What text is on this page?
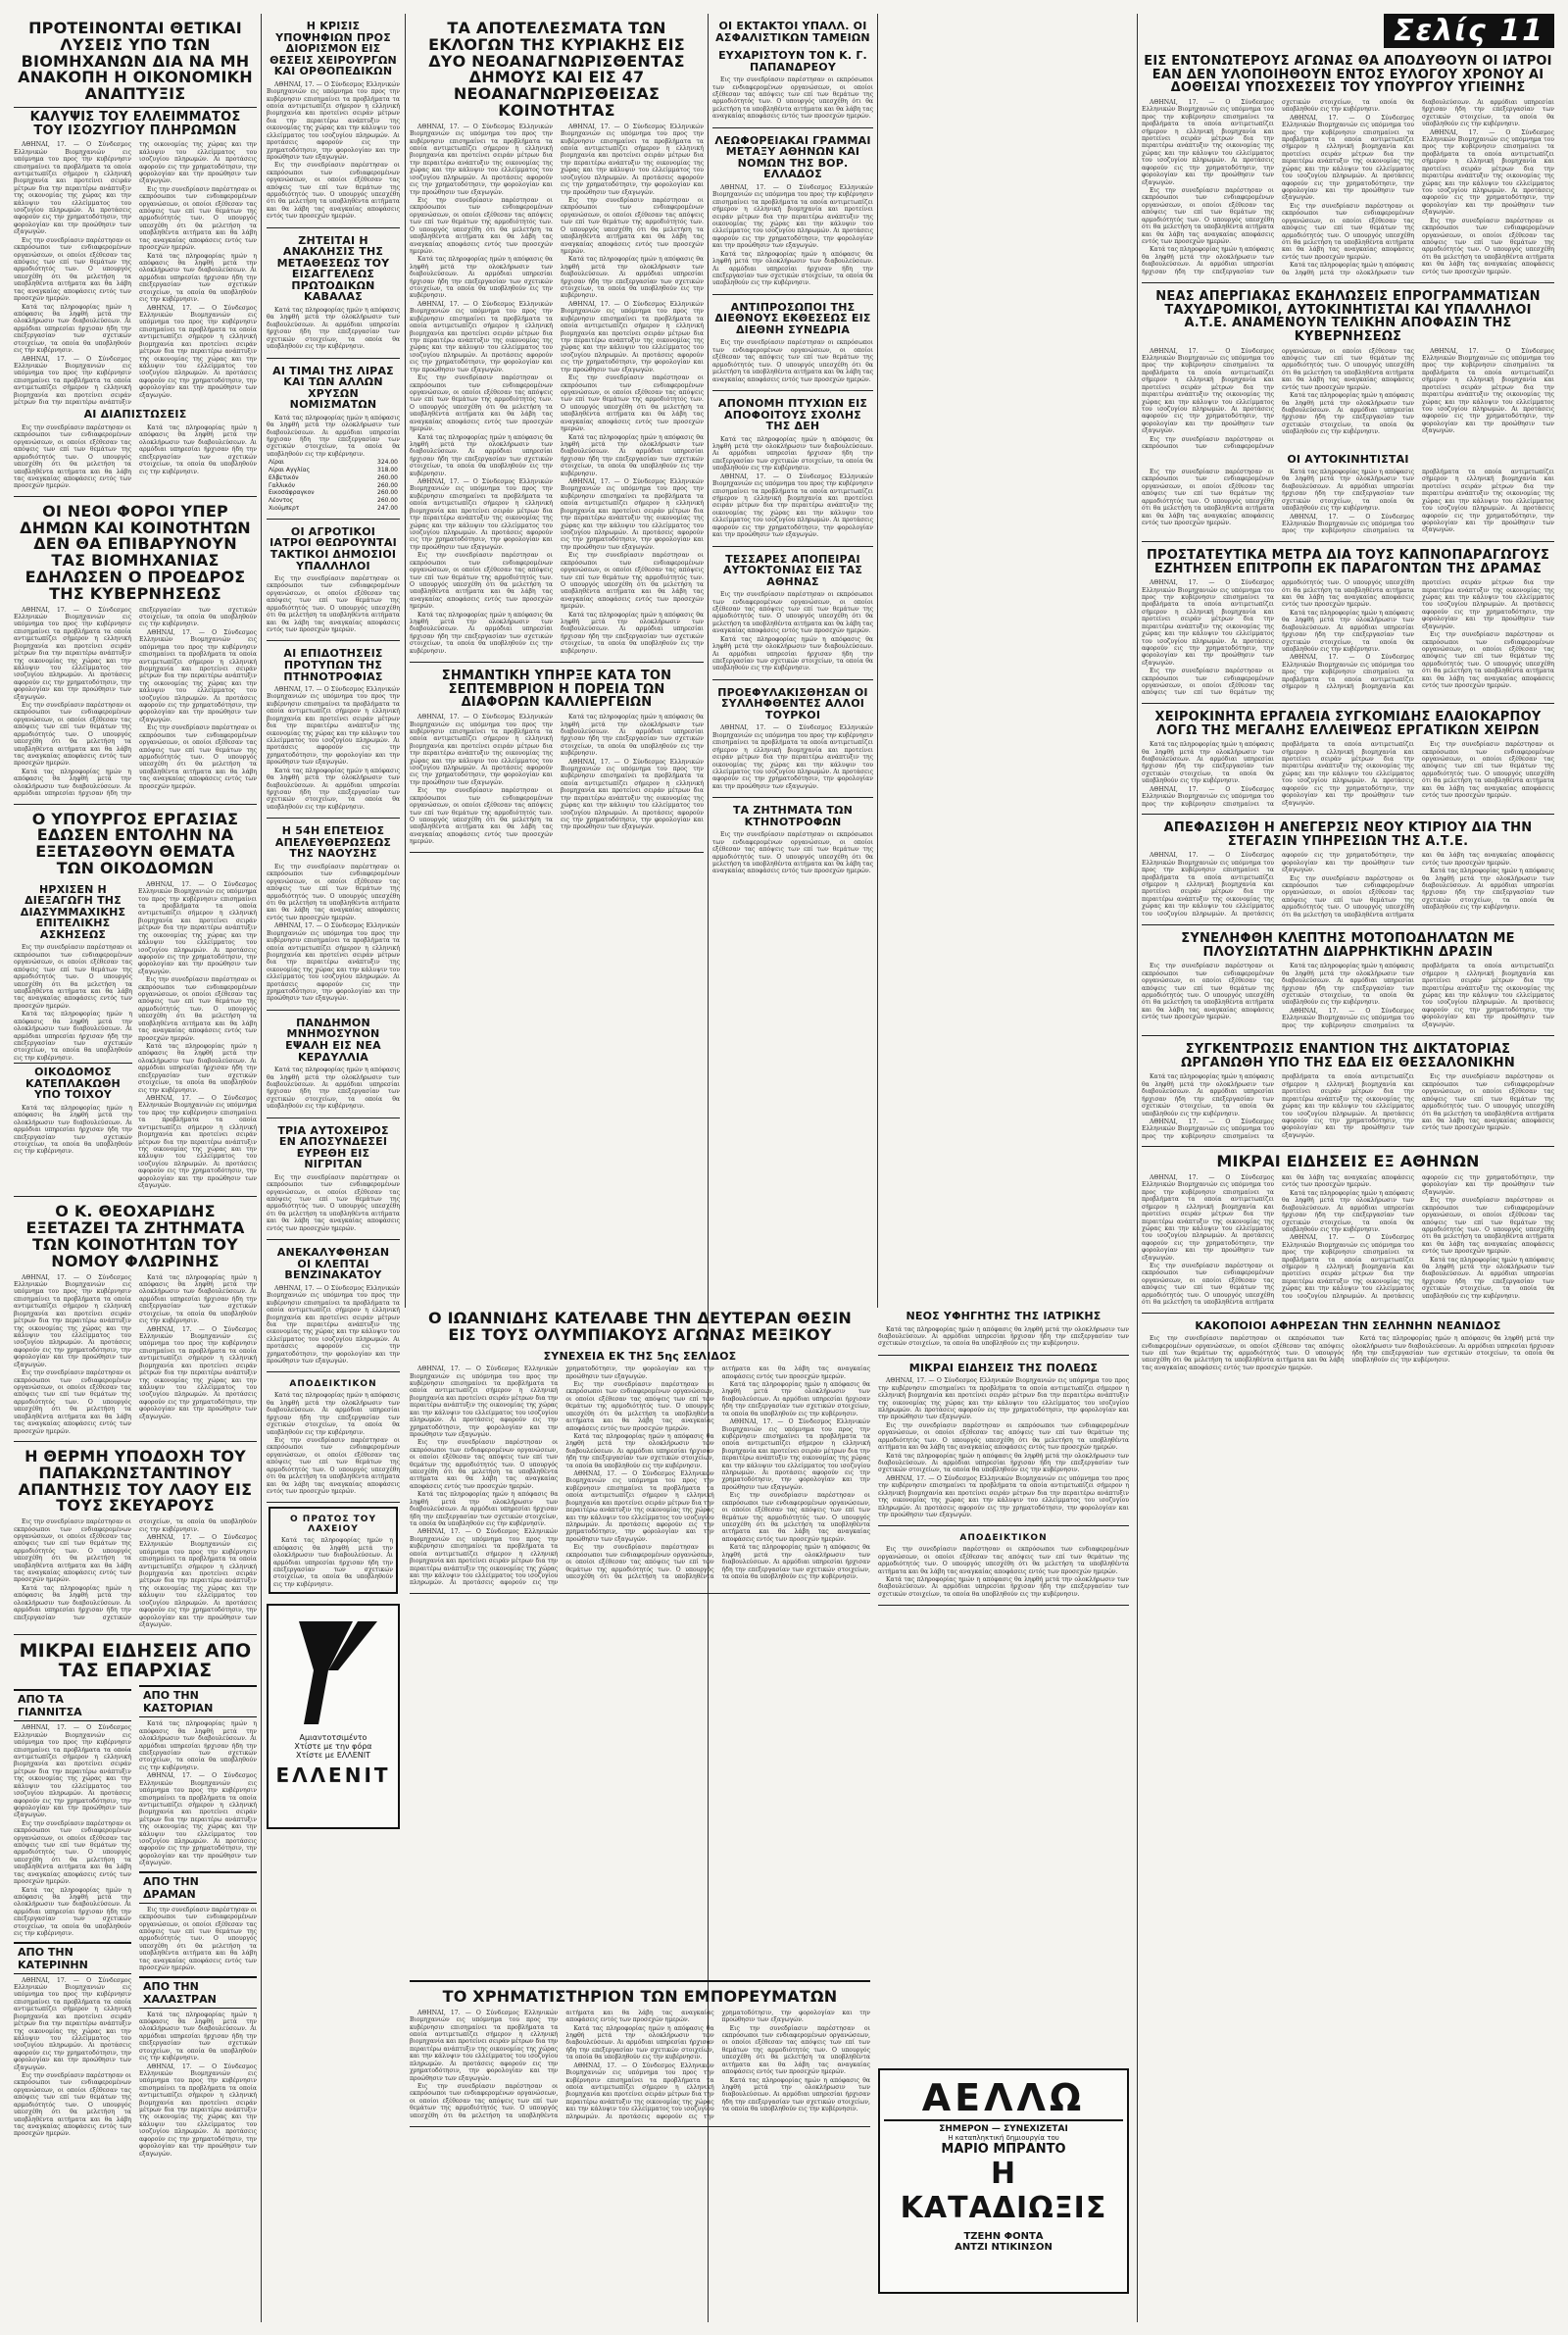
ΠΡΟΤΕΙΝΟΝΤΑΙ ΘΕΤΙΚΑΙ ΛΥΣΕΙΣ ΥΠΟ ΤΩΝ ΒΙΟΜΗΧΑΝΩΝ ΔΙΑ ΝΑ ΜΗ ΑΝΑΚΟΠΗ Η ΟΙΚΟΝΟΜΙΚΗ ΑΝΑΠΤΥΞΙΣ
ΚΑΛΥΨΙΣ ΤΟΥ ΕΛΛΕΙΜΜΑΤΟΣ ΤΟΥ ΙΣΟΖΥΓΙΟΥ ΠΛΗΡΩΜΩΝ

ΑΘΗΝΑΙ, 17. — Ο Σύνδεσμος Ελληνικών Βιομηχανιών εις υπόμνημα του προς την κυβέρνησιν επισημαίνει τα προβλήματα τα οποία αντιμετωπίζει σήμερον η ελληνική βιομηχανία και προτείνει σειράν μέτρων δια την περαιτέρω ανάπτυξιν της οικονομίας της χώρας και την κάλυψιν του ελλείμματος του ισοζυγίου πληρωμών. Αι προτάσεις αφορούν εις την χρηματοδότησιν, την φορολογίαν και την προώθησιν των εξαγωγών.

Εις την συνεδρίασιν παρέστησαν οι εκπρόσωποι των ενδιαφερομένων οργανώσεων, οι οποίοι εξέθεσαν τας απόψεις των επί των θεμάτων της αρμοδιότητός των. Ο υπουργός υπεσχέθη ότι θα μελετήση τα υποβληθέντα αιτήματα και θα λάβη τας αναγκαίας αποφάσεις εντός των προσεχών ημερών.

Κατά τας πληροφορίας ημών η απόφασις θα ληφθή μετά την ολοκλήρωσιν των διαβουλεύσεων. Αι αρμόδιαι υπηρεσίαι ήρχισαν ήδη την επεξεργασίαν των σχετικών στοιχείων, τα οποία θα υποβληθούν εις την κυβέρνησιν.

ΑΘΗΝΑΙ, 17. — Ο Σύνδεσμος Ελληνικών Βιομηχανιών εις υπόμνημα του προς την κυβέρνησιν επισημαίνει τα προβλήματα τα οποία αντιμετωπίζει σήμερον η ελληνική βιομηχανία και προτείνει σειράν μέτρων δια την περαιτέρω ανάπτυξιν της οικονομίας της χώρας και την κάλυψιν του ελλείμματος του ισοζυγίου πληρωμών. Αι προτάσεις αφορούν εις την χρηματοδότησιν, την φορολογίαν και την προώθησιν των εξαγωγών.

Εις την συνεδρίασιν παρέστησαν οι εκπρόσωποι των ενδιαφερομένων οργανώσεων, οι οποίοι εξέθεσαν τας απόψεις των επί των θεμάτων της αρμοδιότητός των. Ο υπουργός υπεσχέθη ότι θα μελετήση τα υποβληθέντα αιτήματα και θα λάβη τας αναγκαίας αποφάσεις εντός των προσεχών ημερών.

Κατά τας πληροφορίας ημών η απόφασις θα ληφθή μετά την ολοκλήρωσιν των διαβουλεύσεων. Αι αρμόδιαι υπηρεσίαι ήρχισαν ήδη την επεξεργασίαν των σχετικών στοιχείων, τα οποία θα υποβληθούν εις την κυβέρνησιν.

ΑΘΗΝΑΙ, 17. — Ο Σύνδεσμος Ελληνικών Βιομηχανιών εις υπόμνημα του προς την κυβέρνησιν επισημαίνει τα προβλήματα τα οποία αντιμετωπίζει σήμερον η ελληνική βιομηχανία και προτείνει σειράν μέτρων δια την περαιτέρω ανάπτυξιν της οικονομίας της χώρας και την κάλυψιν του ελλείμματος του ισοζυγίου πληρωμών. Αι προτάσεις αφορούν εις την χρηματοδότησιν, την φορολογίαν και την προώθησιν των εξαγωγών.

ΑΙ ΔΙΑΠΙΣΤΩΣΕΙΣ

Εις την συνεδρίασιν παρέστησαν οι εκπρόσωποι των ενδιαφερομένων οργανώσεων, οι οποίοι εξέθεσαν τας απόψεις των επί των θεμάτων της αρμοδιότητός των. Ο υπουργός υπεσχέθη ότι θα μελετήση τα υποβληθέντα αιτήματα και θα λάβη τας αναγκαίας αποφάσεις εντός των προσεχών ημερών.

Κατά τας πληροφορίας ημών η απόφασις θα ληφθή μετά την ολοκλήρωσιν των διαβουλεύσεων. Αι αρμόδιαι υπηρεσίαι ήρχισαν ήδη την επεξεργασίαν των σχετικών στοιχείων, τα οποία θα υποβληθούν εις την κυβέρνησιν.

ΟΙ ΝΕΟΙ ΦΟΡΟΙ ΥΠΕΡ ΔΗΜΩΝ ΚΑΙ ΚΟΙΝΟΤΗΤΩΝ ΔΕΝ ΘΑ ΕΠΙΒΑΡΥΝΟΥΝ ΤΑΣ ΒΙΟΜΗΧΑΝΙΑΣ ΕΔΗΛΩΣΕΝ Ο ΠΡΟΕΔΡΟΣ ΤΗΣ ΚΥΒΕΡΝΗΣΕΩΣ

ΑΘΗΝΑΙ, 17. — Ο Σύνδεσμος Ελληνικών Βιομηχανιών εις υπόμνημα του προς την κυβέρνησιν επισημαίνει τα προβλήματα τα οποία αντιμετωπίζει σήμερον η ελληνική βιομηχανία και προτείνει σειράν μέτρων δια την περαιτέρω ανάπτυξιν της οικονομίας της χώρας και την κάλυψιν του ελλείμματος του ισοζυγίου πληρωμών. Αι προτάσεις αφορούν εις την χρηματοδότησιν, την φορολογίαν και την προώθησιν των εξαγωγών.

Εις την συνεδρίασιν παρέστησαν οι εκπρόσωποι των ενδιαφερομένων οργανώσεων, οι οποίοι εξέθεσαν τας απόψεις των επί των θεμάτων της αρμοδιότητός των. Ο υπουργός υπεσχέθη ότι θα μελετήση τα υποβληθέντα αιτήματα και θα λάβη τας αναγκαίας αποφάσεις εντός των προσεχών ημερών.

Κατά τας πληροφορίας ημών η απόφασις θα ληφθή μετά την ολοκλήρωσιν των διαβουλεύσεων. Αι αρμόδιαι υπηρεσίαι ήρχισαν ήδη την επεξεργασίαν των σχετικών στοιχείων, τα οποία θα υποβληθούν εις την κυβέρνησιν.

ΑΘΗΝΑΙ, 17. — Ο Σύνδεσμος Ελληνικών Βιομηχανιών εις υπόμνημα του προς την κυβέρνησιν επισημαίνει τα προβλήματα τα οποία αντιμετωπίζει σήμερον η ελληνική βιομηχανία και προτείνει σειράν μέτρων δια την περαιτέρω ανάπτυξιν της οικονομίας της χώρας και την κάλυψιν του ελλείμματος του ισοζυγίου πληρωμών. Αι προτάσεις αφορούν εις την χρηματοδότησιν, την φορολογίαν και την προώθησιν των εξαγωγών.

Εις την συνεδρίασιν παρέστησαν οι εκπρόσωποι των ενδιαφερομένων οργανώσεων, οι οποίοι εξέθεσαν τας απόψεις των επί των θεμάτων της αρμοδιότητός των. Ο υπουργός υπεσχέθη ότι θα μελετήση τα υποβληθέντα αιτήματα και θα λάβη τας αναγκαίας αποφάσεις εντός των προσεχών ημερών.

Ο ΥΠΟΥΡΓΟΣ ΕΡΓΑΣΙΑΣ ΕΔΩΣΕΝ ΕΝΤΟΛΗΝ ΝΑ ΕΞΕΤΑΣΘΟΥΝ ΘΕΜΑΤΑ ΤΩΝ ΟΙΚΟΔΟΜΩΝ
ΗΡΧΙΣΕΝ Η ΔΙΕΞΑΓΩΓΗ ΤΗΣ ΔΙΑΣΥΜΜΑΧΙΚΗΣ ΕΠΙΤΕΛΙΚΗΣ ΑΣΚΗΣΕΩΣ

Εις την συνεδρίασιν παρέστησαν οι εκπρόσωποι των ενδιαφερομένων οργανώσεων, οι οποίοι εξέθεσαν τας απόψεις των επί των θεμάτων της αρμοδιότητός των. Ο υπουργός υπεσχέθη ότι θα μελετήση τα υποβληθέντα αιτήματα και θα λάβη τας αναγκαίας αποφάσεις εντός των προσεχών ημερών.

Κατά τας πληροφορίας ημών η απόφασις θα ληφθή μετά την ολοκλήρωσιν των διαβουλεύσεων. Αι αρμόδιαι υπηρεσίαι ήρχισαν ήδη την επεξεργασίαν των σχετικών στοιχείων, τα οποία θα υποβληθούν εις την κυβέρνησιν.

ΟΙΚΟΔΟΜΟΣ ΚΑΤΕΠΛΑΚΩΘΗ ΥΠΟ ΤΟΙΧΟΥ

Κατά τας πληροφορίας ημών η απόφασις θα ληφθή μετά την ολοκλήρωσιν των διαβουλεύσεων. Αι αρμόδιαι υπηρεσίαι ήρχισαν ήδη την επεξεργασίαν των σχετικών στοιχείων, τα οποία θα υποβληθούν εις την κυβέρνησιν.

ΑΘΗΝΑΙ, 17. — Ο Σύνδεσμος Ελληνικών Βιομηχανιών εις υπόμνημα του προς την κυβέρνησιν επισημαίνει τα προβλήματα τα οποία αντιμετωπίζει σήμερον η ελληνική βιομηχανία και προτείνει σειράν μέτρων δια την περαιτέρω ανάπτυξιν της οικονομίας της χώρας και την κάλυψιν του ελλείμματος του ισοζυγίου πληρωμών. Αι προτάσεις αφορούν εις την χρηματοδότησιν, την φορολογίαν και την προώθησιν των εξαγωγών.

Εις την συνεδρίασιν παρέστησαν οι εκπρόσωποι των ενδιαφερομένων οργανώσεων, οι οποίοι εξέθεσαν τας απόψεις των επί των θεμάτων της αρμοδιότητός των. Ο υπουργός υπεσχέθη ότι θα μελετήση τα υποβληθέντα αιτήματα και θα λάβη τας αναγκαίας αποφάσεις εντός των προσεχών ημερών.

Κατά τας πληροφορίας ημών η απόφασις θα ληφθή μετά την ολοκλήρωσιν των διαβουλεύσεων. Αι αρμόδιαι υπηρεσίαι ήρχισαν ήδη την επεξεργασίαν των σχετικών στοιχείων, τα οποία θα υποβληθούν εις την κυβέρνησιν.

ΑΘΗΝΑΙ, 17. — Ο Σύνδεσμος Ελληνικών Βιομηχανιών εις υπόμνημα του προς την κυβέρνησιν επισημαίνει τα προβλήματα τα οποία αντιμετωπίζει σήμερον η ελληνική βιομηχανία και προτείνει σειράν μέτρων δια την περαιτέρω ανάπτυξιν της οικονομίας της χώρας και την κάλυψιν του ελλείμματος του ισοζυγίου πληρωμών. Αι προτάσεις αφορούν εις την χρηματοδότησιν, την φορολογίαν και την προώθησιν των εξαγωγών.

Ο Κ. ΘΕΟΧΑΡΙΔΗΣ ΕΞΕΤΑΖΕΙ ΤΑ ΖΗΤΗΜΑΤΑ ΤΩΝ ΚΟΙΝΟΤΗΤΩΝ ΤΟΥ ΝΟΜΟΥ ΦΛΩΡΙΝΗΣ

ΑΘΗΝΑΙ, 17. — Ο Σύνδεσμος Ελληνικών Βιομηχανιών εις υπόμνημα του προς την κυβέρνησιν επισημαίνει τα προβλήματα τα οποία αντιμετωπίζει σήμερον η ελληνική βιομηχανία και προτείνει σειράν μέτρων δια την περαιτέρω ανάπτυξιν της οικονομίας της χώρας και την κάλυψιν του ελλείμματος του ισοζυγίου πληρωμών. Αι προτάσεις αφορούν εις την χρηματοδότησιν, την φορολογίαν και την προώθησιν των εξαγωγών.

Εις την συνεδρίασιν παρέστησαν οι εκπρόσωποι των ενδιαφερομένων οργανώσεων, οι οποίοι εξέθεσαν τας απόψεις των επί των θεμάτων της αρμοδιότητός των. Ο υπουργός υπεσχέθη ότι θα μελετήση τα υποβληθέντα αιτήματα και θα λάβη τας αναγκαίας αποφάσεις εντός των προσεχών ημερών.

Κατά τας πληροφορίας ημών η απόφασις θα ληφθή μετά την ολοκλήρωσιν των διαβουλεύσεων. Αι αρμόδιαι υπηρεσίαι ήρχισαν ήδη την επεξεργασίαν των σχετικών στοιχείων, τα οποία θα υποβληθούν εις την κυβέρνησιν.

ΑΘΗΝΑΙ, 17. — Ο Σύνδεσμος Ελληνικών Βιομηχανιών εις υπόμνημα του προς την κυβέρνησιν επισημαίνει τα προβλήματα τα οποία αντιμετωπίζει σήμερον η ελληνική βιομηχανία και προτείνει σειράν μέτρων δια την περαιτέρω ανάπτυξιν της οικονομίας της χώρας και την κάλυψιν του ελλείμματος του ισοζυγίου πληρωμών. Αι προτάσεις αφορούν εις την χρηματοδότησιν, την φορολογίαν και την προώθησιν των εξαγωγών.

Η ΘΕΡΜΗ ΥΠΟΔΟΧΗ ΤΟΥ ΠΑΠΑΚΩΝΣΤΑΝΤΙΝΟΥ ΑΠΑΝΤΗΣΙΣ ΤΟΥ ΛΑΟΥ ΕΙΣ ΤΟΥΣ ΣΚΕΥΑΡΟΥΣ

Εις την συνεδρίασιν παρέστησαν οι εκπρόσωποι των ενδιαφερομένων οργανώσεων, οι οποίοι εξέθεσαν τας απόψεις των επί των θεμάτων της αρμοδιότητός των. Ο υπουργός υπεσχέθη ότι θα μελετήση τα υποβληθέντα αιτήματα και θα λάβη τας αναγκαίας αποφάσεις εντός των προσεχών ημερών.

Κατά τας πληροφορίας ημών η απόφασις θα ληφθή μετά την ολοκλήρωσιν των διαβουλεύσεων. Αι αρμόδιαι υπηρεσίαι ήρχισαν ήδη την επεξεργασίαν των σχετικών στοιχείων, τα οποία θα υποβληθούν εις την κυβέρνησιν.

ΑΘΗΝΑΙ, 17. — Ο Σύνδεσμος Ελληνικών Βιομηχανιών εις υπόμνημα του προς την κυβέρνησιν επισημαίνει τα προβλήματα τα οποία αντιμετωπίζει σήμερον η ελληνική βιομηχανία και προτείνει σειράν μέτρων δια την περαιτέρω ανάπτυξιν της οικονομίας της χώρας και την κάλυψιν του ελλείμματος του ισοζυγίου πληρωμών. Αι προτάσεις αφορούν εις την χρηματοδότησιν, την φορολογίαν και την προώθησιν των εξαγωγών.

ΜΙΚΡΑΙ ΕΙΔΗΣΕΙΣ ΑΠΟ ΤΑΣ ΕΠΑΡΧΙΑΣ
ΑΠΟ ΤΑ ΓΙΑΝΝΙΤΣΑ

ΑΘΗΝΑΙ, 17. — Ο Σύνδεσμος Ελληνικών Βιομηχανιών εις υπόμνημα του προς την κυβέρνησιν επισημαίνει τα προβλήματα τα οποία αντιμετωπίζει σήμερον η ελληνική βιομηχανία και προτείνει σειράν μέτρων δια την περαιτέρω ανάπτυξιν της οικονομίας της χώρας και την κάλυψιν του ελλείμματος του ισοζυγίου πληρωμών. Αι προτάσεις αφορούν εις την χρηματοδότησιν, την φορολογίαν και την προώθησιν των εξαγωγών.

Εις την συνεδρίασιν παρέστησαν οι εκπρόσωποι των ενδιαφερομένων οργανώσεων, οι οποίοι εξέθεσαν τας απόψεις των επί των θεμάτων της αρμοδιότητός των. Ο υπουργός υπεσχέθη ότι θα μελετήση τα υποβληθέντα αιτήματα και θα λάβη τας αναγκαίας αποφάσεις εντός των προσεχών ημερών.

Κατά τας πληροφορίας ημών η απόφασις θα ληφθή μετά την ολοκλήρωσιν των διαβουλεύσεων. Αι αρμόδιαι υπηρεσίαι ήρχισαν ήδη την επεξεργασίαν των σχετικών στοιχείων, τα οποία θα υποβληθούν εις την κυβέρνησιν.

ΑΠΟ ΤΗΝ ΚΑΤΕΡΙΝΗΝ

ΑΘΗΝΑΙ, 17. — Ο Σύνδεσμος Ελληνικών Βιομηχανιών εις υπόμνημα του προς την κυβέρνησιν επισημαίνει τα προβλήματα τα οποία αντιμετωπίζει σήμερον η ελληνική βιομηχανία και προτείνει σειράν μέτρων δια την περαιτέρω ανάπτυξιν της οικονομίας της χώρας και την κάλυψιν του ελλείμματος του ισοζυγίου πληρωμών. Αι προτάσεις αφορούν εις την χρηματοδότησιν, την φορολογίαν και την προώθησιν των εξαγωγών.

Εις την συνεδρίασιν παρέστησαν οι εκπρόσωποι των ενδιαφερομένων οργανώσεων, οι οποίοι εξέθεσαν τας απόψεις των επί των θεμάτων της αρμοδιότητός των. Ο υπουργός υπεσχέθη ότι θα μελετήση τα υποβληθέντα αιτήματα και θα λάβη τας αναγκαίας αποφάσεις εντός των προσεχών ημερών.

ΑΠΟ ΤΗΝ ΚΑΣΤΟΡΙΑΝ

Κατά τας πληροφορίας ημών η απόφασις θα ληφθή μετά την ολοκλήρωσιν των διαβουλεύσεων. Αι αρμόδιαι υπηρεσίαι ήρχισαν ήδη την επεξεργασίαν των σχετικών στοιχείων, τα οποία θα υποβληθούν εις την κυβέρνησιν.

ΑΘΗΝΑΙ, 17. — Ο Σύνδεσμος Ελληνικών Βιομηχανιών εις υπόμνημα του προς την κυβέρνησιν επισημαίνει τα προβλήματα τα οποία αντιμετωπίζει σήμερον η ελληνική βιομηχανία και προτείνει σειράν μέτρων δια την περαιτέρω ανάπτυξιν της οικονομίας της χώρας και την κάλυψιν του ελλείμματος του ισοζυγίου πληρωμών. Αι προτάσεις αφορούν εις την χρηματοδότησιν, την φορολογίαν και την προώθησιν των εξαγωγών.

ΑΠΟ ΤΗΝ ΔΡΑΜΑΝ

Εις την συνεδρίασιν παρέστησαν οι εκπρόσωποι των ενδιαφερομένων οργανώσεων, οι οποίοι εξέθεσαν τας απόψεις των επί των θεμάτων της αρμοδιότητός των. Ο υπουργός υπεσχέθη ότι θα μελετήση τα υποβληθέντα αιτήματα και θα λάβη τας αναγκαίας αποφάσεις εντός των προσεχών ημερών.

ΑΠΟ ΤΗΝ ΧΑΛΑΣΤΡΑΝ

Κατά τας πληροφορίας ημών η απόφασις θα ληφθή μετά την ολοκλήρωσιν των διαβουλεύσεων. Αι αρμόδιαι υπηρεσίαι ήρχισαν ήδη την επεξεργασίαν των σχετικών στοιχείων, τα οποία θα υποβληθούν εις την κυβέρνησιν.

ΑΘΗΝΑΙ, 17. — Ο Σύνδεσμος Ελληνικών Βιομηχανιών εις υπόμνημα του προς την κυβέρνησιν επισημαίνει τα προβλήματα τα οποία αντιμετωπίζει σήμερον η ελληνική βιομηχανία και προτείνει σειράν μέτρων δια την περαιτέρω ανάπτυξιν της οικονομίας της χώρας και την κάλυψιν του ελλείμματος του ισοζυγίου πληρωμών. Αι προτάσεις αφορούν εις την χρηματοδότησιν, την φορολογίαν και την προώθησιν των εξαγωγών.

Η ΚΡΙΣΙΣ ΥΠΟΨΗΦΙΩΝ ΠΡΟΣ ΔΙΟΡΙΣΜΟΝ ΕΙΣ ΘΕΣΕΙΣ ΧΕΙΡΟΥΡΓΩΝ ΚΑΙ ΟΡΘΟΠΕΔΙΚΩΝ

ΑΘΗΝΑΙ, 17. — Ο Σύνδεσμος Ελληνικών Βιομηχανιών εις υπόμνημα του προς την κυβέρνησιν επισημαίνει τα προβλήματα τα οποία αντιμετωπίζει σήμερον η ελληνική βιομηχανία και προτείνει σειράν μέτρων δια την περαιτέρω ανάπτυξιν της οικονομίας της χώρας και την κάλυψιν του ελλείμματος του ισοζυγίου πληρωμών. Αι προτάσεις αφορούν εις την χρηματοδότησιν, την φορολογίαν και την προώθησιν των εξαγωγών.

Εις την συνεδρίασιν παρέστησαν οι εκπρόσωποι των ενδιαφερομένων οργανώσεων, οι οποίοι εξέθεσαν τας απόψεις των επί των θεμάτων της αρμοδιότητός των. Ο υπουργός υπεσχέθη ότι θα μελετήση τα υποβληθέντα αιτήματα και θα λάβη τας αναγκαίας αποφάσεις εντός των προσεχών ημερών.

ΖΗΤΕΙΤΑΙ Η ΑΝΑΚΛΗΣΙΣ ΤΗΣ ΜΕΤΑΘΕΣΕΩΣ ΤΟΥ ΕΙΣΑΓΓΕΛΕΩΣ ΠΡΩΤΟΔΙΚΩΝ ΚΑΒΑΛΑΣ

Κατά τας πληροφορίας ημών η απόφασις θα ληφθή μετά την ολοκλήρωσιν των διαβουλεύσεων. Αι αρμόδιαι υπηρεσίαι ήρχισαν ήδη την επεξεργασίαν των σχετικών στοιχείων, τα οποία θα υποβληθούν εις την κυβέρνησιν.

ΑΙ ΤΙΜΑΙ ΤΗΣ ΛΙΡΑΣ ΚΑΙ ΤΩΝ ΑΛΛΩΝ ΧΡΥΣΩΝ ΝΟΜΙΣΜΑΤΩΝ

Κατά τας πληροφορίας ημών η απόφασις θα ληφθή μετά την ολοκλήρωσιν των διαβουλεύσεων. Αι αρμόδιαι υπηρεσίαι ήρχισαν ήδη την επεξεργασίαν των σχετικών στοιχείων, τα οποία θα υποβληθούν εις την κυβέρνησιν.

Λίραι	324.00
Λίραι Αγγλίας	318.00
Ελβετικόν	260.00
Γαλλικόν	260.00
Εικοσάφραγκον	260.00
Λέοντος	260.00
Χιούμπερτ	247.00
ΟΙ ΑΓΡΟΤΙΚΟΙ ΙΑΤΡΟΙ ΘΕΩΡΟΥΝΤΑΙ ΤΑΚΤΙΚΟΙ ΔΗΜΟΣΙΟΙ ΥΠΑΛΛΗΛΟΙ

Εις την συνεδρίασιν παρέστησαν οι εκπρόσωποι των ενδιαφερομένων οργανώσεων, οι οποίοι εξέθεσαν τας απόψεις των επί των θεμάτων της αρμοδιότητός των. Ο υπουργός υπεσχέθη ότι θα μελετήση τα υποβληθέντα αιτήματα και θα λάβη τας αναγκαίας αποφάσεις εντός των προσεχών ημερών.

ΑΙ ΕΠΙΔΟΤΗΣΕΙΣ ΠΡΟΤΥΠΩΝ ΤΗΣ ΠΤΗΝΟΤΡΟΦΙΑΣ

ΑΘΗΝΑΙ, 17. — Ο Σύνδεσμος Ελληνικών Βιομηχανιών εις υπόμνημα του προς την κυβέρνησιν επισημαίνει τα προβλήματα τα οποία αντιμετωπίζει σήμερον η ελληνική βιομηχανία και προτείνει σειράν μέτρων δια την περαιτέρω ανάπτυξιν της οικονομίας της χώρας και την κάλυψιν του ελλείμματος του ισοζυγίου πληρωμών. Αι προτάσεις αφορούν εις την χρηματοδότησιν, την φορολογίαν και την προώθησιν των εξαγωγών.

Κατά τας πληροφορίας ημών η απόφασις θα ληφθή μετά την ολοκλήρωσιν των διαβουλεύσεων. Αι αρμόδιαι υπηρεσίαι ήρχισαν ήδη την επεξεργασίαν των σχετικών στοιχείων, τα οποία θα υποβληθούν εις την κυβέρνησιν.

Η 54Η ΕΠΕΤΕΙΟΣ ΑΠΕΛΕΥΘΕΡΩΣΕΩΣ ΤΗΣ ΝΑΟΥΣΗΣ

Εις την συνεδρίασιν παρέστησαν οι εκπρόσωποι των ενδιαφερομένων οργανώσεων, οι οποίοι εξέθεσαν τας απόψεις των επί των θεμάτων της αρμοδιότητός των. Ο υπουργός υπεσχέθη ότι θα μελετήση τα υποβληθέντα αιτήματα και θα λάβη τας αναγκαίας αποφάσεις εντός των προσεχών ημερών.

ΑΘΗΝΑΙ, 17. — Ο Σύνδεσμος Ελληνικών Βιομηχανιών εις υπόμνημα του προς την κυβέρνησιν επισημαίνει τα προβλήματα τα οποία αντιμετωπίζει σήμερον η ελληνική βιομηχανία και προτείνει σειράν μέτρων δια την περαιτέρω ανάπτυξιν της οικονομίας της χώρας και την κάλυψιν του ελλείμματος του ισοζυγίου πληρωμών. Αι προτάσεις αφορούν εις την χρηματοδότησιν, την φορολογίαν και την προώθησιν των εξαγωγών.

ΠΑΝΔΗΜΟΝ ΜΝΗΜΟΣΥΝΟΝ ΕΨΑΛΗ ΕΙΣ ΝΕΑ ΚΕΡΔΥΛΛΙΑ

Κατά τας πληροφορίας ημών η απόφασις θα ληφθή μετά την ολοκλήρωσιν των διαβουλεύσεων. Αι αρμόδιαι υπηρεσίαι ήρχισαν ήδη την επεξεργασίαν των σχετικών στοιχείων, τα οποία θα υποβληθούν εις την κυβέρνησιν.

ΤΡΙΑ ΑΥΤΟΧΕΙΡΟΣ ΕΝ ΑΠΟΣΥΝΔΕΣΕΙ ΕΥΡΕΘΗ ΕΙΣ ΝΙΓΡΙΤΑΝ

Εις την συνεδρίασιν παρέστησαν οι εκπρόσωποι των ενδιαφερομένων οργανώσεων, οι οποίοι εξέθεσαν τας απόψεις των επί των θεμάτων της αρμοδιότητός των. Ο υπουργός υπεσχέθη ότι θα μελετήση τα υποβληθέντα αιτήματα και θα λάβη τας αναγκαίας αποφάσεις εντός των προσεχών ημερών.

ΑΝΕΚΑΛΥΦΘΗΣΑΝ ΟΙ ΚΛΕΠΤΑΙ ΒΕΝΖΙΝΑΚΑΤΟΥ

ΑΘΗΝΑΙ, 17. — Ο Σύνδεσμος Ελληνικών Βιομηχανιών εις υπόμνημα του προς την κυβέρνησιν επισημαίνει τα προβλήματα τα οποία αντιμετωπίζει σήμερον η ελληνική βιομηχανία και προτείνει σειράν μέτρων δια την περαιτέρω ανάπτυξιν της οικονομίας της χώρας και την κάλυψιν του ελλείμματος του ισοζυγίου πληρωμών. Αι προτάσεις αφορούν εις την χρηματοδότησιν, την φορολογίαν και την προώθησιν των εξαγωγών.

ΑΠΟΔΕΙΚΤΙΚΟΝ

Κατά τας πληροφορίας ημών η απόφασις θα ληφθή μετά την ολοκλήρωσιν των διαβουλεύσεων. Αι αρμόδιαι υπηρεσίαι ήρχισαν ήδη την επεξεργασίαν των σχετικών στοιχείων, τα οποία θα υποβληθούν εις την κυβέρνησιν.

Εις την συνεδρίασιν παρέστησαν οι εκπρόσωποι των ενδιαφερομένων οργανώσεων, οι οποίοι εξέθεσαν τας απόψεις των επί των θεμάτων της αρμοδιότητός των. Ο υπουργός υπεσχέθη ότι θα μελετήση τα υποβληθέντα αιτήματα και θα λάβη τας αναγκαίας αποφάσεις εντός των προσεχών ημερών.

Ο ΠΡΩΤΟΣ ΤΟΥ ΛΑΧΕΙΟΥ

Κατά τας πληροφορίας ημών η απόφασις θα ληφθή μετά την ολοκλήρωσιν των διαβουλεύσεων. Αι αρμόδιαι υπηρεσίαι ήρχισαν ήδη την επεξεργασίαν των σχετικών στοιχείων, τα οποία θα υποβληθούν εις την κυβέρνησιν.

Αμιαντοτσιμέντο
Χτίστε με την φόρα
Χτίστε με ΕΛΛΕΝΙΤ
ΕΛΛΕΝΙΤ
ΤΑ ΑΠΟΤΕΛΕΣΜΑΤΑ ΤΩΝ ΕΚΛΟΓΩΝ ΤΗΣ ΚΥΡΙΑΚΗΣ ΕΙΣ ΔΥΟ ΝΕΟΑΝΑΓΝΩΡΙΣΘΕΝΤΑΣ ΔΗΜΟΥΣ ΚΑΙ ΕΙΣ 47 ΝΕΟΑΝΑΓΝΩΡΙΣΘΕΙΣΑΣ ΚΟΙΝΟΤΗΤΑΣ

ΑΘΗΝΑΙ, 17. — Ο Σύνδεσμος Ελληνικών Βιομηχανιών εις υπόμνημα του προς την κυβέρνησιν επισημαίνει τα προβλήματα τα οποία αντιμετωπίζει σήμερον η ελληνική βιομηχανία και προτείνει σειράν μέτρων δια την περαιτέρω ανάπτυξιν της οικονομίας της χώρας και την κάλυψιν του ελλείμματος του ισοζυγίου πληρωμών. Αι προτάσεις αφορούν εις την χρηματοδότησιν, την φορολογίαν και την προώθησιν των εξαγωγών.

Εις την συνεδρίασιν παρέστησαν οι εκπρόσωποι των ενδιαφερομένων οργανώσεων, οι οποίοι εξέθεσαν τας απόψεις των επί των θεμάτων της αρμοδιότητός των. Ο υπουργός υπεσχέθη ότι θα μελετήση τα υποβληθέντα αιτήματα και θα λάβη τας αναγκαίας αποφάσεις εντός των προσεχών ημερών.

Κατά τας πληροφορίας ημών η απόφασις θα ληφθή μετά την ολοκλήρωσιν των διαβουλεύσεων. Αι αρμόδιαι υπηρεσίαι ήρχισαν ήδη την επεξεργασίαν των σχετικών στοιχείων, τα οποία θα υποβληθούν εις την κυβέρνησιν.

ΑΘΗΝΑΙ, 17. — Ο Σύνδεσμος Ελληνικών Βιομηχανιών εις υπόμνημα του προς την κυβέρνησιν επισημαίνει τα προβλήματα τα οποία αντιμετωπίζει σήμερον η ελληνική βιομηχανία και προτείνει σειράν μέτρων δια την περαιτέρω ανάπτυξιν της οικονομίας της χώρας και την κάλυψιν του ελλείμματος του ισοζυγίου πληρωμών. Αι προτάσεις αφορούν εις την χρηματοδότησιν, την φορολογίαν και την προώθησιν των εξαγωγών.

Εις την συνεδρίασιν παρέστησαν οι εκπρόσωποι των ενδιαφερομένων οργανώσεων, οι οποίοι εξέθεσαν τας απόψεις των επί των θεμάτων της αρμοδιότητός των. Ο υπουργός υπεσχέθη ότι θα μελετήση τα υποβληθέντα αιτήματα και θα λάβη τας αναγκαίας αποφάσεις εντός των προσεχών ημερών.

Κατά τας πληροφορίας ημών η απόφασις θα ληφθή μετά την ολοκλήρωσιν των διαβουλεύσεων. Αι αρμόδιαι υπηρεσίαι ήρχισαν ήδη την επεξεργασίαν των σχετικών στοιχείων, τα οποία θα υποβληθούν εις την κυβέρνησιν.

ΑΘΗΝΑΙ, 17. — Ο Σύνδεσμος Ελληνικών Βιομηχανιών εις υπόμνημα του προς την κυβέρνησιν επισημαίνει τα προβλήματα τα οποία αντιμετωπίζει σήμερον η ελληνική βιομηχανία και προτείνει σειράν μέτρων δια την περαιτέρω ανάπτυξιν της οικονομίας της χώρας και την κάλυψιν του ελλείμματος του ισοζυγίου πληρωμών. Αι προτάσεις αφορούν εις την χρηματοδότησιν, την φορολογίαν και την προώθησιν των εξαγωγών.

Εις την συνεδρίασιν παρέστησαν οι εκπρόσωποι των ενδιαφερομένων οργανώσεων, οι οποίοι εξέθεσαν τας απόψεις των επί των θεμάτων της αρμοδιότητός των. Ο υπουργός υπεσχέθη ότι θα μελετήση τα υποβληθέντα αιτήματα και θα λάβη τας αναγκαίας αποφάσεις εντός των προσεχών ημερών.

Κατά τας πληροφορίας ημών η απόφασις θα ληφθή μετά την ολοκλήρωσιν των διαβουλεύσεων. Αι αρμόδιαι υπηρεσίαι ήρχισαν ήδη την επεξεργασίαν των σχετικών στοιχείων, τα οποία θα υποβληθούν εις την κυβέρνησιν.

ΑΘΗΝΑΙ, 17. — Ο Σύνδεσμος Ελληνικών Βιομηχανιών εις υπόμνημα του προς την κυβέρνησιν επισημαίνει τα προβλήματα τα οποία αντιμετωπίζει σήμερον η ελληνική βιομηχανία και προτείνει σειράν μέτρων δια την περαιτέρω ανάπτυξιν της οικονομίας της χώρας και την κάλυψιν του ελλείμματος του ισοζυγίου πληρωμών. Αι προτάσεις αφορούν εις την χρηματοδότησιν, την φορολογίαν και την προώθησιν των εξαγωγών.

Εις την συνεδρίασιν παρέστησαν οι εκπρόσωποι των ενδιαφερομένων οργανώσεων, οι οποίοι εξέθεσαν τας απόψεις των επί των θεμάτων της αρμοδιότητός των. Ο υπουργός υπεσχέθη ότι θα μελετήση τα υποβληθέντα αιτήματα και θα λάβη τας αναγκαίας αποφάσεις εντός των προσεχών ημερών.

Κατά τας πληροφορίας ημών η απόφασις θα ληφθή μετά την ολοκλήρωσιν των διαβουλεύσεων. Αι αρμόδιαι υπηρεσίαι ήρχισαν ήδη την επεξεργασίαν των σχετικών στοιχείων, τα οποία θα υποβληθούν εις την κυβέρνησιν.

ΑΘΗΝΑΙ, 17. — Ο Σύνδεσμος Ελληνικών Βιομηχανιών εις υπόμνημα του προς την κυβέρνησιν επισημαίνει τα προβλήματα τα οποία αντιμετωπίζει σήμερον η ελληνική βιομηχανία και προτείνει σειράν μέτρων δια την περαιτέρω ανάπτυξιν της οικονομίας της χώρας και την κάλυψιν του ελλείμματος του ισοζυγίου πληρωμών. Αι προτάσεις αφορούν εις την χρηματοδότησιν, την φορολογίαν και την προώθησιν των εξαγωγών.

Εις την συνεδρίασιν παρέστησαν οι εκπρόσωποι των ενδιαφερομένων οργανώσεων, οι οποίοι εξέθεσαν τας απόψεις των επί των θεμάτων της αρμοδιότητός των. Ο υπουργός υπεσχέθη ότι θα μελετήση τα υποβληθέντα αιτήματα και θα λάβη τας αναγκαίας αποφάσεις εντός των προσεχών ημερών.

Κατά τας πληροφορίας ημών η απόφασις θα ληφθή μετά την ολοκλήρωσιν των διαβουλεύσεων. Αι αρμόδιαι υπηρεσίαι ήρχισαν ήδη την επεξεργασίαν των σχετικών στοιχείων, τα οποία θα υποβληθούν εις την κυβέρνησιν.

ΑΘΗΝΑΙ, 17. — Ο Σύνδεσμος Ελληνικών Βιομηχανιών εις υπόμνημα του προς την κυβέρνησιν επισημαίνει τα προβλήματα τα οποία αντιμετωπίζει σήμερον η ελληνική βιομηχανία και προτείνει σειράν μέτρων δια την περαιτέρω ανάπτυξιν της οικονομίας της χώρας και την κάλυψιν του ελλείμματος του ισοζυγίου πληρωμών. Αι προτάσεις αφορούν εις την χρηματοδότησιν, την φορολογίαν και την προώθησιν των εξαγωγών.

Εις την συνεδρίασιν παρέστησαν οι εκπρόσωποι των ενδιαφερομένων οργανώσεων, οι οποίοι εξέθεσαν τας απόψεις των επί των θεμάτων της αρμοδιότητός των. Ο υπουργός υπεσχέθη ότι θα μελετήση τα υποβληθέντα αιτήματα και θα λάβη τας αναγκαίας αποφάσεις εντός των προσεχών ημερών.

Κατά τας πληροφορίας ημών η απόφασις θα ληφθή μετά την ολοκλήρωσιν των διαβουλεύσεων. Αι αρμόδιαι υπηρεσίαι ήρχισαν ήδη την επεξεργασίαν των σχετικών στοιχείων, τα οποία θα υποβληθούν εις την κυβέρνησιν.

ΣΗΜΑΝΤΙΚΗ ΥΠΗΡΞΕ ΚΑΤΑ ΤΟΝ ΣΕΠΤΕΜΒΡΙΟΝ Η ΠΟΡΕΙΑ ΤΩΝ ΔΙΑΦΟΡΩΝ ΚΑΛΛΙΕΡΓΕΙΩΝ

ΑΘΗΝΑΙ, 17. — Ο Σύνδεσμος Ελληνικών Βιομηχανιών εις υπόμνημα του προς την κυβέρνησιν επισημαίνει τα προβλήματα τα οποία αντιμετωπίζει σήμερον η ελληνική βιομηχανία και προτείνει σειράν μέτρων δια την περαιτέρω ανάπτυξιν της οικονομίας της χώρας και την κάλυψιν του ελλείμματος του ισοζυγίου πληρωμών. Αι προτάσεις αφορούν εις την χρηματοδότησιν, την φορολογίαν και την προώθησιν των εξαγωγών.

Εις την συνεδρίασιν παρέστησαν οι εκπρόσωποι των ενδιαφερομένων οργανώσεων, οι οποίοι εξέθεσαν τας απόψεις των επί των θεμάτων της αρμοδιότητός των. Ο υπουργός υπεσχέθη ότι θα μελετήση τα υποβληθέντα αιτήματα και θα λάβη τας αναγκαίας αποφάσεις εντός των προσεχών ημερών.

Κατά τας πληροφορίας ημών η απόφασις θα ληφθή μετά την ολοκλήρωσιν των διαβουλεύσεων. Αι αρμόδιαι υπηρεσίαι ήρχισαν ήδη την επεξεργασίαν των σχετικών στοιχείων, τα οποία θα υποβληθούν εις την κυβέρνησιν.

ΑΘΗΝΑΙ, 17. — Ο Σύνδεσμος Ελληνικών Βιομηχανιών εις υπόμνημα του προς την κυβέρνησιν επισημαίνει τα προβλήματα τα οποία αντιμετωπίζει σήμερον η ελληνική βιομηχανία και προτείνει σειράν μέτρων δια την περαιτέρω ανάπτυξιν της οικονομίας της χώρας και την κάλυψιν του ελλείμματος του ισοζυγίου πληρωμών. Αι προτάσεις αφορούν εις την χρηματοδότησιν, την φορολογίαν και την προώθησιν των εξαγωγών.

ΟΙ ΕΚΤΑΚΤΟΙ ΥΠΑΛΛ. ΟΙ ΑΣΦΑΛΙΣΤΙΚΩΝ ΤΑΜΕΙΩΝ
ΕΥΧΑΡΙΣΤΟΥΝ ΤΟΝ Κ. Γ. ΠΑΠΑΝΔΡΕΟΥ

Εις την συνεδρίασιν παρέστησαν οι εκπρόσωποι των ενδιαφερομένων οργανώσεων, οι οποίοι εξέθεσαν τας απόψεις των επί των θεμάτων της αρμοδιότητός των. Ο υπουργός υπεσχέθη ότι θα μελετήση τα υποβληθέντα αιτήματα και θα λάβη τας αναγκαίας αποφάσεις εντός των προσεχών ημερών.

ΛΕΩΦΟΡΕΙΑΚΑΙ ΓΡΑΜΜΑΙ ΜΕΤΑΞΥ ΑΘΗΝΩΝ ΚΑΙ ΝΟΜΩΝ ΤΗΣ ΒΟΡ. ΕΛΛΑΔΟΣ

ΑΘΗΝΑΙ, 17. — Ο Σύνδεσμος Ελληνικών Βιομηχανιών εις υπόμνημα του προς την κυβέρνησιν επισημαίνει τα προβλήματα τα οποία αντιμετωπίζει σήμερον η ελληνική βιομηχανία και προτείνει σειράν μέτρων δια την περαιτέρω ανάπτυξιν της οικονομίας της χώρας και την κάλυψιν του ελλείμματος του ισοζυγίου πληρωμών. Αι προτάσεις αφορούν εις την χρηματοδότησιν, την φορολογίαν και την προώθησιν των εξαγωγών.

Κατά τας πληροφορίας ημών η απόφασις θα ληφθή μετά την ολοκλήρωσιν των διαβουλεύσεων. Αι αρμόδιαι υπηρεσίαι ήρχισαν ήδη την επεξεργασίαν των σχετικών στοιχείων, τα οποία θα υποβληθούν εις την κυβέρνησιν.

ΑΝΤΙΠΡΟΣΩΠΟΙ ΤΗΣ ΔΙΕΘΝΟΥΣ ΕΚΘΕΣΕΩΣ ΕΙΣ ΔΙΕΘΝΗ ΣΥΝΕΔΡΙΑ

Εις την συνεδρίασιν παρέστησαν οι εκπρόσωποι των ενδιαφερομένων οργανώσεων, οι οποίοι εξέθεσαν τας απόψεις των επί των θεμάτων της αρμοδιότητός των. Ο υπουργός υπεσχέθη ότι θα μελετήση τα υποβληθέντα αιτήματα και θα λάβη τας αναγκαίας αποφάσεις εντός των προσεχών ημερών.

ΑΠΟΝΟΜΗ ΠΤΥΧΙΩΝ ΕΙΣ ΑΠΟΦΟΙΤΟΥΣ ΣΧΟΛΗΣ ΤΗΣ ΔΕΗ

Κατά τας πληροφορίας ημών η απόφασις θα ληφθή μετά την ολοκλήρωσιν των διαβουλεύσεων. Αι αρμόδιαι υπηρεσίαι ήρχισαν ήδη την επεξεργασίαν των σχετικών στοιχείων, τα οποία θα υποβληθούν εις την κυβέρνησιν.

ΑΘΗΝΑΙ, 17. — Ο Σύνδεσμος Ελληνικών Βιομηχανιών εις υπόμνημα του προς την κυβέρνησιν επισημαίνει τα προβλήματα τα οποία αντιμετωπίζει σήμερον η ελληνική βιομηχανία και προτείνει σειράν μέτρων δια την περαιτέρω ανάπτυξιν της οικονομίας της χώρας και την κάλυψιν του ελλείμματος του ισοζυγίου πληρωμών. Αι προτάσεις αφορούν εις την χρηματοδότησιν, την φορολογίαν και την προώθησιν των εξαγωγών.

ΤΕΣΣΑΡΕΣ ΑΠΟΠΕΙΡΑΙ ΑΥΤΟΚΤΟΝΙΑΣ ΕΙΣ ΤΑΣ ΑΘΗΝΑΣ

Εις την συνεδρίασιν παρέστησαν οι εκπρόσωποι των ενδιαφερομένων οργανώσεων, οι οποίοι εξέθεσαν τας απόψεις των επί των θεμάτων της αρμοδιότητός των. Ο υπουργός υπεσχέθη ότι θα μελετήση τα υποβληθέντα αιτήματα και θα λάβη τας αναγκαίας αποφάσεις εντός των προσεχών ημερών.

Κατά τας πληροφορίας ημών η απόφασις θα ληφθή μετά την ολοκλήρωσιν των διαβουλεύσεων. Αι αρμόδιαι υπηρεσίαι ήρχισαν ήδη την επεξεργασίαν των σχετικών στοιχείων, τα οποία θα υποβληθούν εις την κυβέρνησιν.

ΠΡΟΕΦΥΛΑΚΙΣΘΗΣΑΝ ΟΙ ΣΥΛΛΗΦΘΕΝΤΕΣ ΑΛΛΟΙ ΤΟΥΡΚΟΙ

ΑΘΗΝΑΙ, 17. — Ο Σύνδεσμος Ελληνικών Βιομηχανιών εις υπόμνημα του προς την κυβέρνησιν επισημαίνει τα προβλήματα τα οποία αντιμετωπίζει σήμερον η ελληνική βιομηχανία και προτείνει σειράν μέτρων δια την περαιτέρω ανάπτυξιν της οικονομίας της χώρας και την κάλυψιν του ελλείμματος του ισοζυγίου πληρωμών. Αι προτάσεις αφορούν εις την χρηματοδότησιν, την φορολογίαν και την προώθησιν των εξαγωγών.

ΤΑ ΖΗΤΗΜΑΤΑ ΤΩΝ ΚΤΗΝΟΤΡΟΦΩΝ

Εις την συνεδρίασιν παρέστησαν οι εκπρόσωποι των ενδιαφερομένων οργανώσεων, οι οποίοι εξέθεσαν τας απόψεις των επί των θεμάτων της αρμοδιότητός των. Ο υπουργός υπεσχέθη ότι θα μελετήση τα υποβληθέντα αιτήματα και θα λάβη τας αναγκαίας αποφάσεις εντός των προσεχών ημερών.

Ο ΙΩΑΝΝΙΔΗΣ ΚΑΤΕΛΑΒΕ ΤΗΝ ΔΕΥΤΕΡΑΝ ΘΕΣΙΝ ΕΙΣ ΤΟΥΣ ΟΛΥΜΠΙΑΚΟΥΣ ΑΓΩΝΑΣ ΜΕΞΙΚΟΥ
ΣΥΝΕΧΕΙΑ ΕΚ ΤΗΣ 5ης ΣΕΛΙΔΟΣ

ΑΘΗΝΑΙ, 17. — Ο Σύνδεσμος Ελληνικών Βιομηχανιών εις υπόμνημα του προς την κυβέρνησιν επισημαίνει τα προβλήματα τα οποία αντιμετωπίζει σήμερον η ελληνική βιομηχανία και προτείνει σειράν μέτρων δια την περαιτέρω ανάπτυξιν της οικονομίας της χώρας και την κάλυψιν του ελλείμματος του ισοζυγίου πληρωμών. Αι προτάσεις αφορούν εις την χρηματοδότησιν, την φορολογίαν και την προώθησιν των εξαγωγών.

Εις την συνεδρίασιν παρέστησαν οι εκπρόσωποι των ενδιαφερομένων οργανώσεων, οι οποίοι εξέθεσαν τας απόψεις των επί των θεμάτων της αρμοδιότητός των. Ο υπουργός υπεσχέθη ότι θα μελετήση τα υποβληθέντα αιτήματα και θα λάβη τας αναγκαίας αποφάσεις εντός των προσεχών ημερών.

Κατά τας πληροφορίας ημών η απόφασις θα ληφθή μετά την ολοκλήρωσιν των διαβουλεύσεων. Αι αρμόδιαι υπηρεσίαι ήρχισαν ήδη την επεξεργασίαν των σχετικών στοιχείων, τα οποία θα υποβληθούν εις την κυβέρνησιν.

ΑΘΗΝΑΙ, 17. — Ο Σύνδεσμος Ελληνικών Βιομηχανιών εις υπόμνημα του προς την κυβέρνησιν επισημαίνει τα προβλήματα τα οποία αντιμετωπίζει σήμερον η ελληνική βιομηχανία και προτείνει σειράν μέτρων δια την περαιτέρω ανάπτυξιν της οικονομίας της χώρας και την κάλυψιν του ελλείμματος του ισοζυγίου πληρωμών. Αι προτάσεις αφορούν εις την χρηματοδότησιν, την φορολογίαν και την προώθησιν των εξαγωγών.

Εις την συνεδρίασιν παρέστησαν οι εκπρόσωποι των ενδιαφερομένων οργανώσεων, οι οποίοι εξέθεσαν τας απόψεις των επί των θεμάτων της αρμοδιότητός των. Ο υπουργός υπεσχέθη ότι θα μελετήση τα υποβληθέντα αιτήματα και θα λάβη τας αναγκαίας αποφάσεις εντός των προσεχών ημερών.

Κατά τας πληροφορίας ημών η απόφασις θα ληφθή μετά την ολοκλήρωσιν των διαβουλεύσεων. Αι αρμόδιαι υπηρεσίαι ήρχισαν ήδη την επεξεργασίαν των σχετικών στοιχείων, τα οποία θα υποβληθούν εις την κυβέρνησιν.

ΑΘΗΝΑΙ, 17. — Ο Σύνδεσμος Ελληνικών Βιομηχανιών εις υπόμνημα του προς την κυβέρνησιν επισημαίνει τα προβλήματα τα οποία αντιμετωπίζει σήμερον η ελληνική βιομηχανία και προτείνει σειράν μέτρων δια την περαιτέρω ανάπτυξιν της οικονομίας της χώρας και την κάλυψιν του ελλείμματος του ισοζυγίου πληρωμών. Αι προτάσεις αφορούν εις την χρηματοδότησιν, την φορολογίαν και την προώθησιν των εξαγωγών.

Εις την συνεδρίασιν παρέστησαν οι εκπρόσωποι των ενδιαφερομένων οργανώσεων, οι οποίοι εξέθεσαν τας απόψεις των επί των θεμάτων της αρμοδιότητός των. Ο υπουργός υπεσχέθη ότι θα μελετήση τα υποβληθέντα αιτήματα και θα λάβη τας αναγκαίας αποφάσεις εντός των προσεχών ημερών.

Κατά τας πληροφορίας ημών η απόφασις θα ληφθή μετά την ολοκλήρωσιν των διαβουλεύσεων. Αι αρμόδιαι υπηρεσίαι ήρχισαν ήδη την επεξεργασίαν των σχετικών στοιχείων, τα οποία θα υποβληθούν εις την κυβέρνησιν.

ΑΘΗΝΑΙ, 17. — Ο Σύνδεσμος Ελληνικών Βιομηχανιών εις υπόμνημα του προς την κυβέρνησιν επισημαίνει τα προβλήματα τα οποία αντιμετωπίζει σήμερον η ελληνική βιομηχανία και προτείνει σειράν μέτρων δια την περαιτέρω ανάπτυξιν της οικονομίας της χώρας και την κάλυψιν του ελλείμματος του ισοζυγίου πληρωμών. Αι προτάσεις αφορούν εις την χρηματοδότησιν, την φορολογίαν και την προώθησιν των εξαγωγών.

Εις την συνεδρίασιν παρέστησαν οι εκπρόσωποι των ενδιαφερομένων οργανώσεων, οι οποίοι εξέθεσαν τας απόψεις των επί των θεμάτων της αρμοδιότητός των. Ο υπουργός υπεσχέθη ότι θα μελετήση τα υποβληθέντα αιτήματα και θα λάβη τας αναγκαίας αποφάσεις εντός των προσεχών ημερών.

Κατά τας πληροφορίας ημών η απόφασις θα ληφθή μετά την ολοκλήρωσιν των διαβουλεύσεων. Αι αρμόδιαι υπηρεσίαι ήρχισαν ήδη την επεξεργασίαν των σχετικών στοιχείων, τα οποία θα υποβληθούν εις την κυβέρνησιν.

ΝΕΟΣ ΥΦΗΓΗΤΗΣ ΤΗΣ ΙΑΤΡΙΚΗΣ

Κατά τας πληροφορίας ημών η απόφασις θα ληφθή μετά την ολοκλήρωσιν των διαβουλεύσεων. Αι αρμόδιαι υπηρεσίαι ήρχισαν ήδη την επεξεργασίαν των σχετικών στοιχείων, τα οποία θα υποβληθούν εις την κυβέρνησιν.

ΜΙΚΡΑΙ ΕΙΔΗΣΕΙΣ ΤΗΣ ΠΟΛΕΩΣ

ΑΘΗΝΑΙ, 17. — Ο Σύνδεσμος Ελληνικών Βιομηχανιών εις υπόμνημα του προς την κυβέρνησιν επισημαίνει τα προβλήματα τα οποία αντιμετωπίζει σήμερον η ελληνική βιομηχανία και προτείνει σειράν μέτρων δια την περαιτέρω ανάπτυξιν της οικονομίας της χώρας και την κάλυψιν του ελλείμματος του ισοζυγίου πληρωμών. Αι προτάσεις αφορούν εις την χρηματοδότησιν, την φορολογίαν και την προώθησιν των εξαγωγών.

Εις την συνεδρίασιν παρέστησαν οι εκπρόσωποι των ενδιαφερομένων οργανώσεων, οι οποίοι εξέθεσαν τας απόψεις των επί των θεμάτων της αρμοδιότητός των. Ο υπουργός υπεσχέθη ότι θα μελετήση τα υποβληθέντα αιτήματα και θα λάβη τας αναγκαίας αποφάσεις εντός των προσεχών ημερών.

Κατά τας πληροφορίας ημών η απόφασις θα ληφθή μετά την ολοκλήρωσιν των διαβουλεύσεων. Αι αρμόδιαι υπηρεσίαι ήρχισαν ήδη την επεξεργασίαν των σχετικών στοιχείων, τα οποία θα υποβληθούν εις την κυβέρνησιν.

ΑΘΗΝΑΙ, 17. — Ο Σύνδεσμος Ελληνικών Βιομηχανιών εις υπόμνημα του προς την κυβέρνησιν επισημαίνει τα προβλήματα τα οποία αντιμετωπίζει σήμερον η ελληνική βιομηχανία και προτείνει σειράν μέτρων δια την περαιτέρω ανάπτυξιν της οικονομίας της χώρας και την κάλυψιν του ελλείμματος του ισοζυγίου πληρωμών. Αι προτάσεις αφορούν εις την χρηματοδότησιν, την φορολογίαν και την προώθησιν των εξαγωγών.

ΑΠΟΔΕΙΚΤΙΚΟΝ

Εις την συνεδρίασιν παρέστησαν οι εκπρόσωποι των ενδιαφερομένων οργανώσεων, οι οποίοι εξέθεσαν τας απόψεις των επί των θεμάτων της αρμοδιότητός των. Ο υπουργός υπεσχέθη ότι θα μελετήση τα υποβληθέντα αιτήματα και θα λάβη τας αναγκαίας αποφάσεις εντός των προσεχών ημερών.

Κατά τας πληροφορίας ημών η απόφασις θα ληφθή μετά την ολοκλήρωσιν των διαβουλεύσεων. Αι αρμόδιαι υπηρεσίαι ήρχισαν ήδη την επεξεργασίαν των σχετικών στοιχείων, τα οποία θα υποβληθούν εις την κυβέρνησιν.

ΤΟ ΧΡΗΜΑΤΙΣΤΗΡΙΟΝ ΤΩΝ ΕΜΠΟΡΕΥΜΑΤΩΝ

ΑΘΗΝΑΙ, 17. — Ο Σύνδεσμος Ελληνικών Βιομηχανιών εις υπόμνημα του προς την κυβέρνησιν επισημαίνει τα προβλήματα τα οποία αντιμετωπίζει σήμερον η ελληνική βιομηχανία και προτείνει σειράν μέτρων δια την περαιτέρω ανάπτυξιν της οικονομίας της χώρας και την κάλυψιν του ελλείμματος του ισοζυγίου πληρωμών. Αι προτάσεις αφορούν εις την χρηματοδότησιν, την φορολογίαν και την προώθησιν των εξαγωγών.

Εις την συνεδρίασιν παρέστησαν οι εκπρόσωποι των ενδιαφερομένων οργανώσεων, οι οποίοι εξέθεσαν τας απόψεις των επί των θεμάτων της αρμοδιότητός των. Ο υπουργός υπεσχέθη ότι θα μελετήση τα υποβληθέντα αιτήματα και θα λάβη τας αναγκαίας αποφάσεις εντός των προσεχών ημερών.

Κατά τας πληροφορίας ημών η απόφασις θα ληφθή μετά την ολοκλήρωσιν των διαβουλεύσεων. Αι αρμόδιαι υπηρεσίαι ήρχισαν ήδη την επεξεργασίαν των σχετικών στοιχείων, τα οποία θα υποβληθούν εις την κυβέρνησιν.

ΑΘΗΝΑΙ, 17. — Ο Σύνδεσμος Ελληνικών Βιομηχανιών εις υπόμνημα του προς την κυβέρνησιν επισημαίνει τα προβλήματα τα οποία αντιμετωπίζει σήμερον η ελληνική βιομηχανία και προτείνει σειράν μέτρων δια την περαιτέρω ανάπτυξιν της οικονομίας της χώρας και την κάλυψιν του ελλείμματος του ισοζυγίου πληρωμών. Αι προτάσεις αφορούν εις την χρηματοδότησιν, την φορολογίαν και την προώθησιν των εξαγωγών.

Εις την συνεδρίασιν παρέστησαν οι εκπρόσωποι των ενδιαφερομένων οργανώσεων, οι οποίοι εξέθεσαν τας απόψεις των επί των θεμάτων της αρμοδιότητός των. Ο υπουργός υπεσχέθη ότι θα μελετήση τα υποβληθέντα αιτήματα και θα λάβη τας αναγκαίας αποφάσεις εντός των προσεχών ημερών.

Κατά τας πληροφορίας ημών η απόφασις θα ληφθή μετά την ολοκλήρωσιν των διαβουλεύσεων. Αι αρμόδιαι υπηρεσίαι ήρχισαν ήδη την επεξεργασίαν των σχετικών στοιχείων, τα οποία θα υποβληθούν εις την κυβέρνησιν.	ΑΕΛΛΩ
ΣΗΜΕΡΟΝ — ΣΥΝΕΧΙΖΕΤΑΙ
Η καταπληκτική δημιουργία του
ΜΑΡΙΟ ΜΠΡΑΝΤΟ
Η ΚΑΤΑΔΙΩΞΙΣ
ΤΖΕΗΝ ΦΟΝΤΑ
ΑΝΤΖΙ ΝΤΙΚΙΝΣΟΝ
Σελίς 11
ΕΙΣ ΕΝΤΟΝΩΤΕΡΟΥΣ ΑΓΩΝΑΣ ΘΑ ΑΠΟΔΥΘΟΥΝ ΟΙ ΙΑΤΡΟΙ ΕΑΝ ΔΕΝ ΥΛΟΠΟΙΗΘΟΥΝ ΕΝΤΟΣ ΕΥΛΟΓΟΥ ΧΡΟΝΟΥ ΑΙ ΔΟΘΕΙΣΑΙ ΥΠΟΣΧΕΣΕΙΣ ΤΟΥ ΥΠΟΥΡΓΟΥ ΥΓΙΕΙΝΗΣ

ΑΘΗΝΑΙ, 17. — Ο Σύνδεσμος Ελληνικών Βιομηχανιών εις υπόμνημα του προς την κυβέρνησιν επισημαίνει τα προβλήματα τα οποία αντιμετωπίζει σήμερον η ελληνική βιομηχανία και προτείνει σειράν μέτρων δια την περαιτέρω ανάπτυξιν της οικονομίας της χώρας και την κάλυψιν του ελλείμματος του ισοζυγίου πληρωμών. Αι προτάσεις αφορούν εις την χρηματοδότησιν, την φορολογίαν και την προώθησιν των εξαγωγών.

Εις την συνεδρίασιν παρέστησαν οι εκπρόσωποι των ενδιαφερομένων οργανώσεων, οι οποίοι εξέθεσαν τας απόψεις των επί των θεμάτων της αρμοδιότητός των. Ο υπουργός υπεσχέθη ότι θα μελετήση τα υποβληθέντα αιτήματα και θα λάβη τας αναγκαίας αποφάσεις εντός των προσεχών ημερών.

Κατά τας πληροφορίας ημών η απόφασις θα ληφθή μετά την ολοκλήρωσιν των διαβουλεύσεων. Αι αρμόδιαι υπηρεσίαι ήρχισαν ήδη την επεξεργασίαν των σχετικών στοιχείων, τα οποία θα υποβληθούν εις την κυβέρνησιν.

ΑΘΗΝΑΙ, 17. — Ο Σύνδεσμος Ελληνικών Βιομηχανιών εις υπόμνημα του προς την κυβέρνησιν επισημαίνει τα προβλήματα τα οποία αντιμετωπίζει σήμερον η ελληνική βιομηχανία και προτείνει σειράν μέτρων δια την περαιτέρω ανάπτυξιν της οικονομίας της χώρας και την κάλυψιν του ελλείμματος του ισοζυγίου πληρωμών. Αι προτάσεις αφορούν εις την χρηματοδότησιν, την φορολογίαν και την προώθησιν των εξαγωγών.

Εις την συνεδρίασιν παρέστησαν οι εκπρόσωποι των ενδιαφερομένων οργανώσεων, οι οποίοι εξέθεσαν τας απόψεις των επί των θεμάτων της αρμοδιότητός των. Ο υπουργός υπεσχέθη ότι θα μελετήση τα υποβληθέντα αιτήματα και θα λάβη τας αναγκαίας αποφάσεις εντός των προσεχών ημερών.

Κατά τας πληροφορίας ημών η απόφασις θα ληφθή μετά την ολοκλήρωσιν των διαβουλεύσεων. Αι αρμόδιαι υπηρεσίαι ήρχισαν ήδη την επεξεργασίαν των σχετικών στοιχείων, τα οποία θα υποβληθούν εις την κυβέρνησιν.

ΑΘΗΝΑΙ, 17. — Ο Σύνδεσμος Ελληνικών Βιομηχανιών εις υπόμνημα του προς την κυβέρνησιν επισημαίνει τα προβλήματα τα οποία αντιμετωπίζει σήμερον η ελληνική βιομηχανία και προτείνει σειράν μέτρων δια την περαιτέρω ανάπτυξιν της οικονομίας της χώρας και την κάλυψιν του ελλείμματος του ισοζυγίου πληρωμών. Αι προτάσεις αφορούν εις την χρηματοδότησιν, την φορολογίαν και την προώθησιν των εξαγωγών.

Εις την συνεδρίασιν παρέστησαν οι εκπρόσωποι των ενδιαφερομένων οργανώσεων, οι οποίοι εξέθεσαν τας απόψεις των επί των θεμάτων της αρμοδιότητός των. Ο υπουργός υπεσχέθη ότι θα μελετήση τα υποβληθέντα αιτήματα και θα λάβη τας αναγκαίας αποφάσεις εντός των προσεχών ημερών.

ΝΕΑΣ ΑΠΕΡΓΙΑΚΑΣ ΕΚΔΗΛΩΣΕΙΣ ΕΠΡΟΓΡΑΜΜΑΤΙΣΑΝ ΤΑΧΥΔΡΟΜΙΚΟΙ, ΑΥΤΟΚΙΝΗΤΙΣΤΑΙ ΚΑΙ ΥΠΑΛΛΗΛΟΙ Α.Τ.Ε. ΑΝΑΜΕΝΟΥΝ ΤΕΛΙΚΗΝ ΑΠΟΦΑΣΙΝ ΤΗΣ ΚΥΒΕΡΝΗΣΕΩΣ

ΑΘΗΝΑΙ, 17. — Ο Σύνδεσμος Ελληνικών Βιομηχανιών εις υπόμνημα του προς την κυβέρνησιν επισημαίνει τα προβλήματα τα οποία αντιμετωπίζει σήμερον η ελληνική βιομηχανία και προτείνει σειράν μέτρων δια την περαιτέρω ανάπτυξιν της οικονομίας της χώρας και την κάλυψιν του ελλείμματος του ισοζυγίου πληρωμών. Αι προτάσεις αφορούν εις την χρηματοδότησιν, την φορολογίαν και την προώθησιν των εξαγωγών.

Εις την συνεδρίασιν παρέστησαν οι εκπρόσωποι των ενδιαφερομένων οργανώσεων, οι οποίοι εξέθεσαν τας απόψεις των επί των θεμάτων της αρμοδιότητός των. Ο υπουργός υπεσχέθη ότι θα μελετήση τα υποβληθέντα αιτήματα και θα λάβη τας αναγκαίας αποφάσεις εντός των προσεχών ημερών.

Κατά τας πληροφορίας ημών η απόφασις θα ληφθή μετά την ολοκλήρωσιν των διαβουλεύσεων. Αι αρμόδιαι υπηρεσίαι ήρχισαν ήδη την επεξεργασίαν των σχετικών στοιχείων, τα οποία θα υποβληθούν εις την κυβέρνησιν.

ΑΘΗΝΑΙ, 17. — Ο Σύνδεσμος Ελληνικών Βιομηχανιών εις υπόμνημα του προς την κυβέρνησιν επισημαίνει τα προβλήματα τα οποία αντιμετωπίζει σήμερον η ελληνική βιομηχανία και προτείνει σειράν μέτρων δια την περαιτέρω ανάπτυξιν της οικονομίας της χώρας και την κάλυψιν του ελλείμματος του ισοζυγίου πληρωμών. Αι προτάσεις αφορούν εις την χρηματοδότησιν, την φορολογίαν και την προώθησιν των εξαγωγών.

ΟΙ ΑΥΤΟΚΙΝΗΤΙΣΤΑΙ

Εις την συνεδρίασιν παρέστησαν οι εκπρόσωποι των ενδιαφερομένων οργανώσεων, οι οποίοι εξέθεσαν τας απόψεις των επί των θεμάτων της αρμοδιότητός των. Ο υπουργός υπεσχέθη ότι θα μελετήση τα υποβληθέντα αιτήματα και θα λάβη τας αναγκαίας αποφάσεις εντός των προσεχών ημερών.

Κατά τας πληροφορίας ημών η απόφασις θα ληφθή μετά την ολοκλήρωσιν των διαβουλεύσεων. Αι αρμόδιαι υπηρεσίαι ήρχισαν ήδη την επεξεργασίαν των σχετικών στοιχείων, τα οποία θα υποβληθούν εις την κυβέρνησιν.

ΑΘΗΝΑΙ, 17. — Ο Σύνδεσμος Ελληνικών Βιομηχανιών εις υπόμνημα του προς την κυβέρνησιν επισημαίνει τα προβλήματα τα οποία αντιμετωπίζει σήμερον η ελληνική βιομηχανία και προτείνει σειράν μέτρων δια την περαιτέρω ανάπτυξιν της οικονομίας της χώρας και την κάλυψιν του ελλείμματος του ισοζυγίου πληρωμών. Αι προτάσεις αφορούν εις την χρηματοδότησιν, την φορολογίαν και την προώθησιν των εξαγωγών.

ΠΡΟΣΤΑΤΕΥΤΙΚΑ ΜΕΤΡΑ ΔΙΑ ΤΟΥΣ ΚΑΠΝΟΠΑΡΑΓΩΓΟΥΣ ΕΖΗΤΗΣΕΝ ΕΠΙΤΡΟΠΗ ΕΚ ΠΑΡΑΓΟΝΤΩΝ ΤΗΣ ΔΡΑΜΑΣ

ΑΘΗΝΑΙ, 17. — Ο Σύνδεσμος Ελληνικών Βιομηχανιών εις υπόμνημα του προς την κυβέρνησιν επισημαίνει τα προβλήματα τα οποία αντιμετωπίζει σήμερον η ελληνική βιομηχανία και προτείνει σειράν μέτρων δια την περαιτέρω ανάπτυξιν της οικονομίας της χώρας και την κάλυψιν του ελλείμματος του ισοζυγίου πληρωμών. Αι προτάσεις αφορούν εις την χρηματοδότησιν, την φορολογίαν και την προώθησιν των εξαγωγών.

Εις την συνεδρίασιν παρέστησαν οι εκπρόσωποι των ενδιαφερομένων οργανώσεων, οι οποίοι εξέθεσαν τας απόψεις των επί των θεμάτων της αρμοδιότητός των. Ο υπουργός υπεσχέθη ότι θα μελετήση τα υποβληθέντα αιτήματα και θα λάβη τας αναγκαίας αποφάσεις εντός των προσεχών ημερών.

Κατά τας πληροφορίας ημών η απόφασις θα ληφθή μετά την ολοκλήρωσιν των διαβουλεύσεων. Αι αρμόδιαι υπηρεσίαι ήρχισαν ήδη την επεξεργασίαν των σχετικών στοιχείων, τα οποία θα υποβληθούν εις την κυβέρνησιν.

ΑΘΗΝΑΙ, 17. — Ο Σύνδεσμος Ελληνικών Βιομηχανιών εις υπόμνημα του προς την κυβέρνησιν επισημαίνει τα προβλήματα τα οποία αντιμετωπίζει σήμερον η ελληνική βιομηχανία και προτείνει σειράν μέτρων δια την περαιτέρω ανάπτυξιν της οικονομίας της χώρας και την κάλυψιν του ελλείμματος του ισοζυγίου πληρωμών. Αι προτάσεις αφορούν εις την χρηματοδότησιν, την φορολογίαν και την προώθησιν των εξαγωγών.

Εις την συνεδρίασιν παρέστησαν οι εκπρόσωποι των ενδιαφερομένων οργανώσεων, οι οποίοι εξέθεσαν τας απόψεις των επί των θεμάτων της αρμοδιότητός των. Ο υπουργός υπεσχέθη ότι θα μελετήση τα υποβληθέντα αιτήματα και θα λάβη τας αναγκαίας αποφάσεις εντός των προσεχών ημερών.

ΧΕΙΡΟΚΙΝΗΤΑ ΕΡΓΑΛΕΙΑ ΣΥΓΚΟΜΙΔΗΣ ΕΛΑΙΟΚΑΡΠΟΥ ΛΟΓΩ ΤΗΣ ΜΕΓΑΛΗΣ ΕΛΛΕΙΨΕΩΣ ΕΡΓΑΤΙΚΩΝ ΧΕΙΡΩΝ

Κατά τας πληροφορίας ημών η απόφασις θα ληφθή μετά την ολοκλήρωσιν των διαβουλεύσεων. Αι αρμόδιαι υπηρεσίαι ήρχισαν ήδη την επεξεργασίαν των σχετικών στοιχείων, τα οποία θα υποβληθούν εις την κυβέρνησιν.

ΑΘΗΝΑΙ, 17. — Ο Σύνδεσμος Ελληνικών Βιομηχανιών εις υπόμνημα του προς την κυβέρνησιν επισημαίνει τα προβλήματα τα οποία αντιμετωπίζει σήμερον η ελληνική βιομηχανία και προτείνει σειράν μέτρων δια την περαιτέρω ανάπτυξιν της οικονομίας της χώρας και την κάλυψιν του ελλείμματος του ισοζυγίου πληρωμών. Αι προτάσεις αφορούν εις την χρηματοδότησιν, την φορολογίαν και την προώθησιν των εξαγωγών.

Εις την συνεδρίασιν παρέστησαν οι εκπρόσωποι των ενδιαφερομένων οργανώσεων, οι οποίοι εξέθεσαν τας απόψεις των επί των θεμάτων της αρμοδιότητός των. Ο υπουργός υπεσχέθη ότι θα μελετήση τα υποβληθέντα αιτήματα και θα λάβη τας αναγκαίας αποφάσεις εντός των προσεχών ημερών.

ΑΠΕΦΑΣΙΣΘΗ Η ΑΝΕΓΕΡΣΙΣ ΝΕΟΥ ΚΤΙΡΙΟΥ ΔΙΑ ΤΗΝ ΣΤΕΓΑΣΙΝ ΥΠΗΡΕΣΙΩΝ ΤΗΣ Α.Τ.Ε.

ΑΘΗΝΑΙ, 17. — Ο Σύνδεσμος Ελληνικών Βιομηχανιών εις υπόμνημα του προς την κυβέρνησιν επισημαίνει τα προβλήματα τα οποία αντιμετωπίζει σήμερον η ελληνική βιομηχανία και προτείνει σειράν μέτρων δια την περαιτέρω ανάπτυξιν της οικονομίας της χώρας και την κάλυψιν του ελλείμματος του ισοζυγίου πληρωμών. Αι προτάσεις αφορούν εις την χρηματοδότησιν, την φορολογίαν και την προώθησιν των εξαγωγών.

Εις την συνεδρίασιν παρέστησαν οι εκπρόσωποι των ενδιαφερομένων οργανώσεων, οι οποίοι εξέθεσαν τας απόψεις των επί των θεμάτων της αρμοδιότητός των. Ο υπουργός υπεσχέθη ότι θα μελετήση τα υποβληθέντα αιτήματα και θα λάβη τας αναγκαίας αποφάσεις εντός των προσεχών ημερών.

Κατά τας πληροφορίας ημών η απόφασις θα ληφθή μετά την ολοκλήρωσιν των διαβουλεύσεων. Αι αρμόδιαι υπηρεσίαι ήρχισαν ήδη την επεξεργασίαν των σχετικών στοιχείων, τα οποία θα υποβληθούν εις την κυβέρνησιν.

ΣΥΝΕΛΗΦΘΗ ΚΛΕΠΤΗΣ ΜΟΤΟΠΟΔΗΛΑΤΩΝ ΜΕ ΠΛΟΥΣΙΩΤΑΤΗΝ ΔΙΑΡΡΗΚΤΙΚΗΝ ΔΡΑΣΙΝ

Εις την συνεδρίασιν παρέστησαν οι εκπρόσωποι των ενδιαφερομένων οργανώσεων, οι οποίοι εξέθεσαν τας απόψεις των επί των θεμάτων της αρμοδιότητός των. Ο υπουργός υπεσχέθη ότι θα μελετήση τα υποβληθέντα αιτήματα και θα λάβη τας αναγκαίας αποφάσεις εντός των προσεχών ημερών.

Κατά τας πληροφορίας ημών η απόφασις θα ληφθή μετά την ολοκλήρωσιν των διαβουλεύσεων. Αι αρμόδιαι υπηρεσίαι ήρχισαν ήδη την επεξεργασίαν των σχετικών στοιχείων, τα οποία θα υποβληθούν εις την κυβέρνησιν.

ΑΘΗΝΑΙ, 17. — Ο Σύνδεσμος Ελληνικών Βιομηχανιών εις υπόμνημα του προς την κυβέρνησιν επισημαίνει τα προβλήματα τα οποία αντιμετωπίζει σήμερον η ελληνική βιομηχανία και προτείνει σειράν μέτρων δια την περαιτέρω ανάπτυξιν της οικονομίας της χώρας και την κάλυψιν του ελλείμματος του ισοζυγίου πληρωμών. Αι προτάσεις αφορούν εις την χρηματοδότησιν, την φορολογίαν και την προώθησιν των εξαγωγών.

ΣΥΓΚΕΝΤΡΩΣΙΣ ΕΝΑΝΤΙΟΝ ΤΗΣ ΔΙΚΤΑΤΟΡΙΑΣ ΩΡΓΑΝΩΘΗ ΥΠΟ ΤΗΣ ΕΔΑ ΕΙΣ ΘΕΣΣΑΛΟΝΙΚΗΝ

Κατά τας πληροφορίας ημών η απόφασις θα ληφθή μετά την ολοκλήρωσιν των διαβουλεύσεων. Αι αρμόδιαι υπηρεσίαι ήρχισαν ήδη την επεξεργασίαν των σχετικών στοιχείων, τα οποία θα υποβληθούν εις την κυβέρνησιν.

ΑΘΗΝΑΙ, 17. — Ο Σύνδεσμος Ελληνικών Βιομηχανιών εις υπόμνημα του προς την κυβέρνησιν επισημαίνει τα προβλήματα τα οποία αντιμετωπίζει σήμερον η ελληνική βιομηχανία και προτείνει σειράν μέτρων δια την περαιτέρω ανάπτυξιν της οικονομίας της χώρας και την κάλυψιν του ελλείμματος του ισοζυγίου πληρωμών. Αι προτάσεις αφορούν εις την χρηματοδότησιν, την φορολογίαν και την προώθησιν των εξαγωγών.

Εις την συνεδρίασιν παρέστησαν οι εκπρόσωποι των ενδιαφερομένων οργανώσεων, οι οποίοι εξέθεσαν τας απόψεις των επί των θεμάτων της αρμοδιότητός των. Ο υπουργός υπεσχέθη ότι θα μελετήση τα υποβληθέντα αιτήματα και θα λάβη τας αναγκαίας αποφάσεις εντός των προσεχών ημερών.

ΜΙΚΡΑΙ ΕΙΔΗΣΕΙΣ ΕΞ ΑΘΗΝΩΝ

ΑΘΗΝΑΙ, 17. — Ο Σύνδεσμος Ελληνικών Βιομηχανιών εις υπόμνημα του προς την κυβέρνησιν επισημαίνει τα προβλήματα τα οποία αντιμετωπίζει σήμερον η ελληνική βιομηχανία και προτείνει σειράν μέτρων δια την περαιτέρω ανάπτυξιν της οικονομίας της χώρας και την κάλυψιν του ελλείμματος του ισοζυγίου πληρωμών. Αι προτάσεις αφορούν εις την χρηματοδότησιν, την φορολογίαν και την προώθησιν των εξαγωγών.

Εις την συνεδρίασιν παρέστησαν οι εκπρόσωποι των ενδιαφερομένων οργανώσεων, οι οποίοι εξέθεσαν τας απόψεις των επί των θεμάτων της αρμοδιότητός των. Ο υπουργός υπεσχέθη ότι θα μελετήση τα υποβληθέντα αιτήματα και θα λάβη τας αναγκαίας αποφάσεις εντός των προσεχών ημερών.

Κατά τας πληροφορίας ημών η απόφασις θα ληφθή μετά την ολοκλήρωσιν των διαβουλεύσεων. Αι αρμόδιαι υπηρεσίαι ήρχισαν ήδη την επεξεργασίαν των σχετικών στοιχείων, τα οποία θα υποβληθούν εις την κυβέρνησιν.

ΑΘΗΝΑΙ, 17. — Ο Σύνδεσμος Ελληνικών Βιομηχανιών εις υπόμνημα του προς την κυβέρνησιν επισημαίνει τα προβλήματα τα οποία αντιμετωπίζει σήμερον η ελληνική βιομηχανία και προτείνει σειράν μέτρων δια την περαιτέρω ανάπτυξιν της οικονομίας της χώρας και την κάλυψιν του ελλείμματος του ισοζυγίου πληρωμών. Αι προτάσεις αφορούν εις την χρηματοδότησιν, την φορολογίαν και την προώθησιν των εξαγωγών.

Εις την συνεδρίασιν παρέστησαν οι εκπρόσωποι των ενδιαφερομένων οργανώσεων, οι οποίοι εξέθεσαν τας απόψεις των επί των θεμάτων της αρμοδιότητός των. Ο υπουργός υπεσχέθη ότι θα μελετήση τα υποβληθέντα αιτήματα και θα λάβη τας αναγκαίας αποφάσεις εντός των προσεχών ημερών.

Κατά τας πληροφορίας ημών η απόφασις θα ληφθή μετά την ολοκλήρωσιν των διαβουλεύσεων. Αι αρμόδιαι υπηρεσίαι ήρχισαν ήδη την επεξεργασίαν των σχετικών στοιχείων, τα οποία θα υποβληθούν εις την κυβέρνησιν.

ΚΑΚΟΠΟΙΟΙ ΑΦΗΡΕΣΑΝ ΤΗΝ ΣΕΛΗΝΗΝ ΝΕΑΝΙΔΟΣ

Εις την συνεδρίασιν παρέστησαν οι εκπρόσωποι των ενδιαφερομένων οργανώσεων, οι οποίοι εξέθεσαν τας απόψεις των επί των θεμάτων της αρμοδιότητός των. Ο υπουργός υπεσχέθη ότι θα μελετήση τα υποβληθέντα αιτήματα και θα λάβη τας αναγκαίας αποφάσεις εντός των προσεχών ημερών.

Κατά τας πληροφορίας ημών η απόφασις θα ληφθή μετά την ολοκλήρωσιν των διαβουλεύσεων. Αι αρμόδιαι υπηρεσίαι ήρχισαν ήδη την επεξεργασίαν των σχετικών στοιχείων, τα οποία θα υποβληθούν εις την κυβέρνησιν.
